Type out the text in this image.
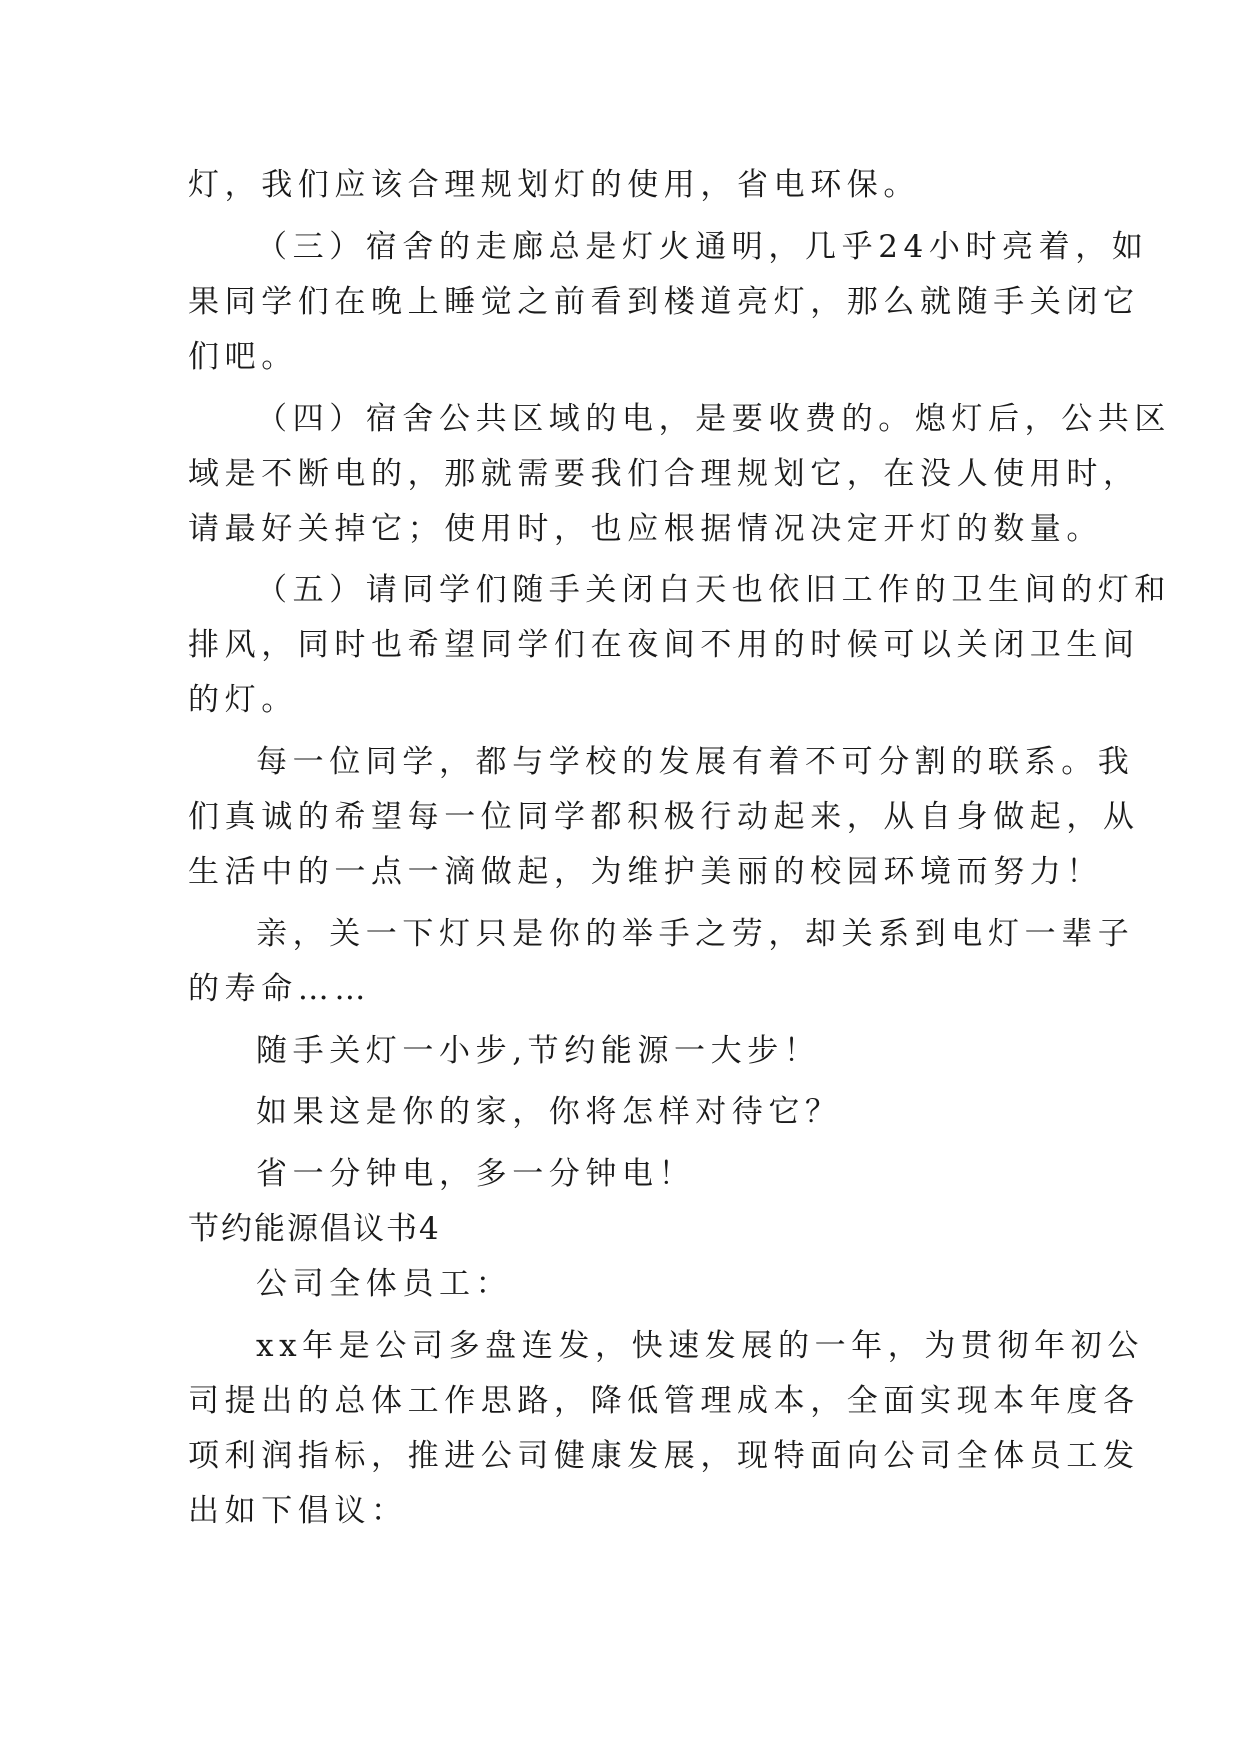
灯，我们应该合理规划灯的使用，省电环保。
（三）宿舍的走廊总是灯火通明，几乎24小时亮着，如
果同学们在晚上睡觉之前看到楼道亮灯，那么就随手关闭它
们吧。
（四）宿舍公共区域的电，是要收费的。熄灯后，公共区
域是不断电的，那就需要我们合理规划它，在没人使用时，
请最好关掉它；使用时，也应根据情况决定开灯的数量。
（五）请同学们随手关闭白天也依旧工作的卫生间的灯和
排风，同时也希望同学们在夜间不用的时候可以关闭卫生间
的灯。
每一位同学，都与学校的发展有着不可分割的联系。我
们真诚的希望每一位同学都积极行动起来，从自身做起，从
生活中的一点一滴做起，为维护美丽的校园环境而努力！
亲，关一下灯只是你的举手之劳，却关系到电灯一辈子
的寿命……
随手关灯一小步,节约能源一大步！
如果这是你的家，你将怎样对待它？
省一分钟电，多一分钟电！
节约能源倡议书4
公司全体员工：
xx年是公司多盘连发，快速发展的一年，为贯彻年初公
司提出的总体工作思路，降低管理成本，全面实现本年度各
项利润指标，推进公司健康发展，现特面向公司全体员工发
出如下倡议：
